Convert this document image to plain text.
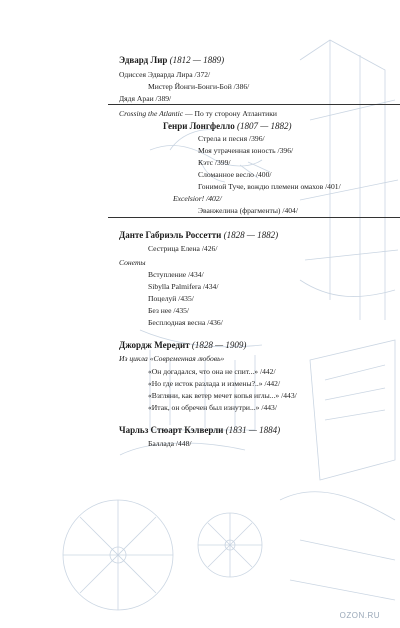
Эдвард Лир (1812 — 1889)
Одиссея Эдварда Лира /372/
Мистер Йонги-Бонги-Бой /386/
Дядя Араи /389/
Crossing the Atlantic — По ту сторону Атлантики
Генри Лонгфелло (1807 — 1882)
Стрела и песня /396/
Моя утраченная юность /396/
Кэтс /399/
Сломанное весло /400/
Гонимой Туче, вождю племени омахов /401/
Excelsior! /402/
Эванжелина (фрагменты) /404/
Данте Габриэль Россетти (1828 — 1882)
Сестрица Елена /426/
Сонеты
Вступление /434/
Sibylla Palmifera /434/
Поцелуй /435/
Без нее /435/
Бесплодная весна /436/
Джордж Мередит (1828 — 1909)
Из цикла «Современная любовь»
«Он догадался, что она не спит...» /442/
«Но где исток разлада и измены?..» /442/
«Взгляни, как ветер мечет копья иглы...» /443/
«Итак, он обречен был изнутри...» /443/
Чарльз Стюарт Кэлверли (1831 — 1884)
Баллада /448/
OZON.RU
